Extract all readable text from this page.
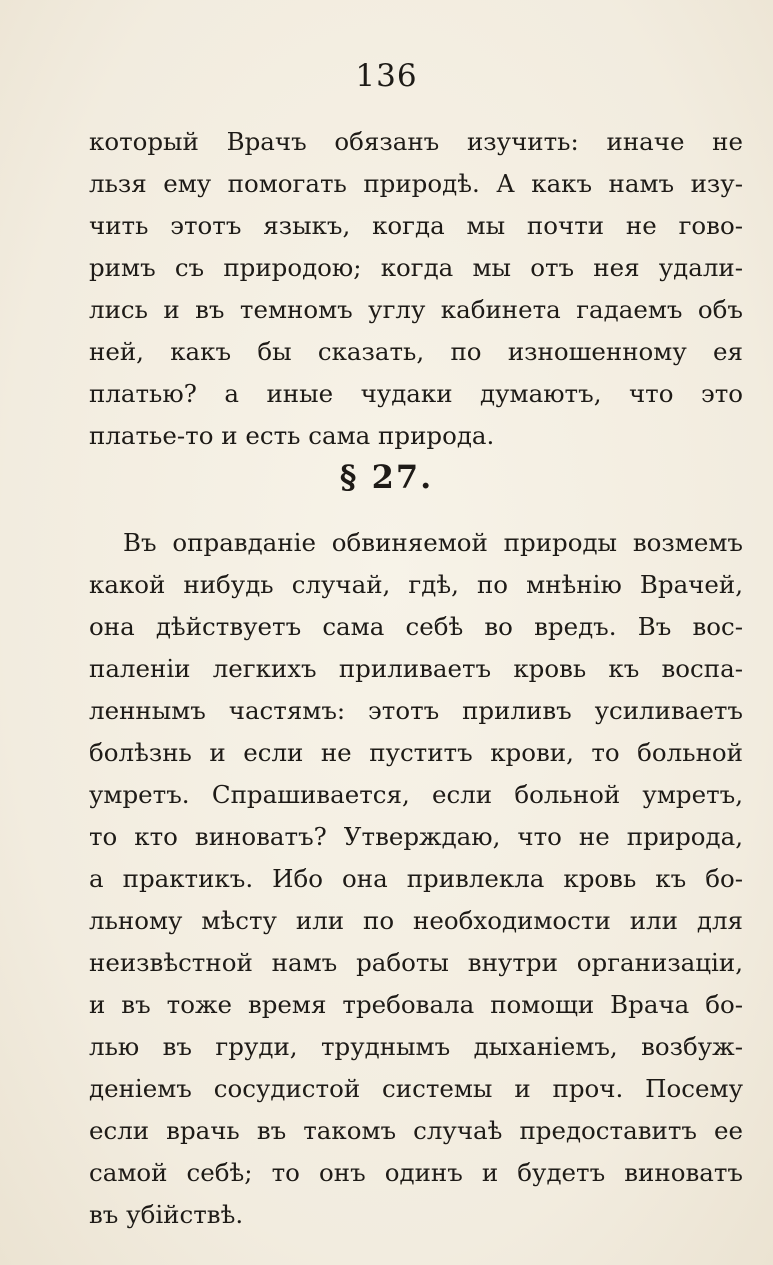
136
который Врачъ обязанъ изучить: иначе не
льзя ему помогать природѣ. А какъ намъ изу-
чить этотъ языкъ, когда мы почти не гово-
римъ съ природою; когда мы отъ нея удали-
лись и въ темномъ углу кабинета гадаемъ объ
ней, какъ бы сказать, по изношенному ея
платью? а иные чудаки думаютъ, что это
платье-то и есть сама природа.
§ 27.
Въ оправданіе обвиняемой природы возмемъ
какой нибудь случай, гдѣ, по мнѣнію Врачей,
она дѣйствуетъ сама себѣ во вредъ. Въ вос-
паленіи легкихъ приливаетъ кровь къ воспа-
леннымъ частямъ: этотъ приливъ усиливаетъ
болѣзнь и если не пуститъ крови, то больной
умретъ. Спрашивается, если больной умретъ,
то кто виноватъ? Утверждаю, что не природа,
а практикъ. Ибо она привлекла кровь къ бо-
льному мѣсту или по необходимости или для
неизвѣстной намъ работы внутри организаціи,
и въ тоже время требовала помощи Врача бо-
лью въ груди, труднымъ дыханіемъ, возбуж-
деніемъ сосудистой системы и проч. Посему
если врачь въ такомъ случаѣ предоставитъ ее
самой себѣ; то онъ одинъ и будетъ виноватъ
въ убійствѣ.
